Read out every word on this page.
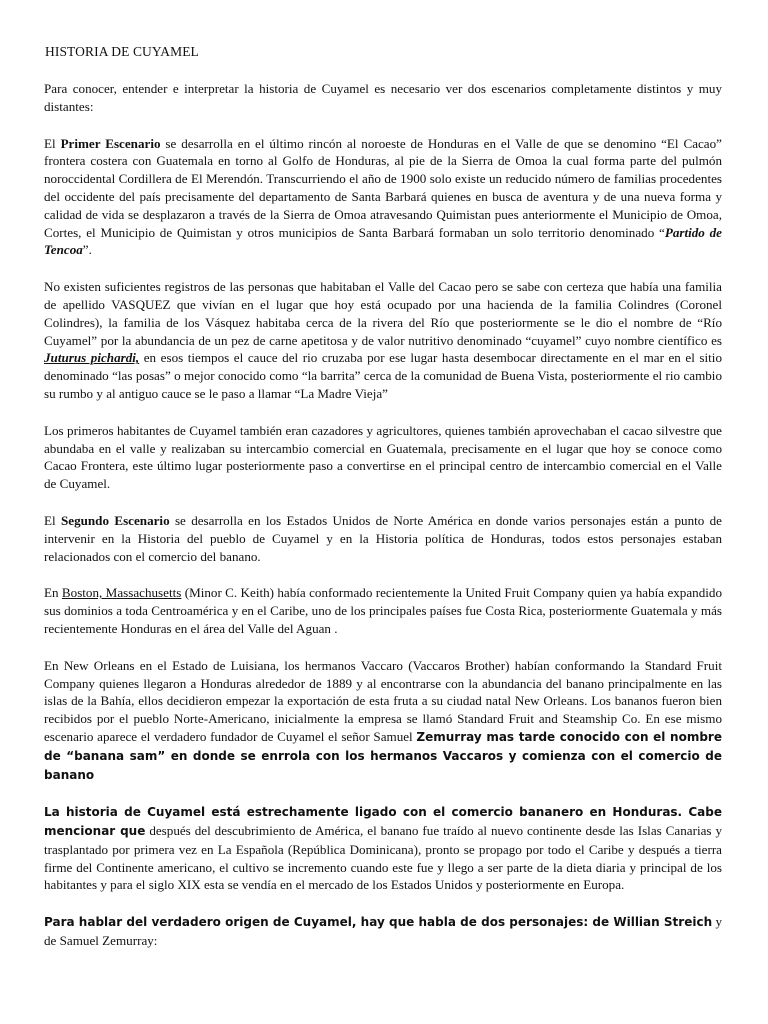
HISTORIA DE CUYAMEL

Para conocer, entender e interpretar la historia de Cuyamel es necesario ver dos escenarios completamente distintos y muy distantes:

El Primer Escenario se desarrolla en el último rincón al noroeste de Honduras en el Valle de que se denomino “El Cacao” frontera costera con Guatemala en torno al Golfo de Honduras, al pie de la Sierra de Omoa la cual forma parte del pulmón noroccidental Cordillera de El Merendón. Transcurriendo el año de 1900 solo existe un reducido número de familias procedentes del occidente del país precisamente del departamento de Santa Barbará quienes en busca de aventura y de una nueva forma y calidad de vida se desplazaron a través de la Sierra de Omoa atravesando Quimistan pues anteriormente el Municipio de Omoa, Cortes, el Municipio de Quimistan y otros municipios de Santa Barbará formaban un solo territorio denominado “Partido de Tencoa”.

No existen suficientes registros de las personas que habitaban el Valle del Cacao pero se sabe con certeza que había una familia de apellido VASQUEZ que vivían en el lugar que hoy está ocupado por una hacienda de la familia Colindres (Coronel Colindres), la familia de los Vásquez habitaba cerca de la rivera del Río que posteriormente se le dio el nombre de “Río Cuyamel” por la abundancia de un pez de carne apetitosa y de valor nutritivo denominado “cuyamel” cuyo nombre científico es Juturus pichardi, en esos tiempos el cauce del rio cruzaba por ese lugar hasta desembocar directamente en el mar en el sitio denominado “las posas” o mejor conocido como “la barrita” cerca de la comunidad de Buena Vista, posteriormente el rio cambio su rumbo y al antiguo cauce se le paso a llamar “La Madre Vieja”

Los primeros habitantes de Cuyamel también eran cazadores y agricultores, quienes también aprovechaban el cacao silvestre que abundaba en el valle y realizaban su intercambio comercial en Guatemala, precisamente en el lugar que hoy se conoce como Cacao Frontera, este último lugar posteriormente paso a convertirse en el principal centro de intercambio comercial en el Valle de Cuyamel.

El Segundo Escenario se desarrolla en los Estados Unidos de Norte América en donde varios personajes están a punto de intervenir en la Historia del pueblo de Cuyamel y en la Historia política de Honduras, todos estos personajes estaban relacionados con el comercio del banano.

En Boston, Massachusetts (Minor C. Keith) había conformado recientemente la United Fruit Company quien ya había expandido sus dominios a toda Centroamérica y en el Caribe, uno de los principales países fue Costa Rica, posteriormente Guatemala y más recientemente Honduras en el área del Valle del Aguan .

En New Orleans en el Estado de Luisiana, los hermanos Vaccaro (Vaccaros Brother) habían conformando la Standard Fruit Company quienes llegaron a Honduras alrededor de 1889 y al encontrarse con la abundancia del banano principalmente en las islas de la Bahía, ellos decidieron empezar la exportación de esta fruta a su ciudad natal New Orleans. Los bananos fueron bien recibidos por el pueblo Norte-Americano, inicialmente la empresa se llamó Standard Fruit and Steamship Co. En ese mismo escenario aparece el verdadero fundador de Cuyamel el señor Samuel Zemurray mas tarde conocido con el nombre de “banana sam” en donde se enrrola con los hermanos Vaccaros y comienza con el comercio de banano

La historia de Cuyamel está estrechamente ligado con el comercio bananero en Honduras. Cabe mencionar que después del descubrimiento de América, el banano fue traído al nuevo continente desde las Islas Canarias y trasplantado por primera vez en La Española (República Dominicana), pronto se propago por todo el Caribe y después a tierra firme del Continente americano, el cultivo se incremento cuando este fue y llego a ser parte de la dieta diaria y principal de los habitantes y para el siglo XIX esta se vendía en el mercado de los Estados Unidos y posteriormente en Europa.

Para hablar del verdadero origen de Cuyamel, hay que habla de dos personajes: de Willian Streich y de Samuel Zemurray:
